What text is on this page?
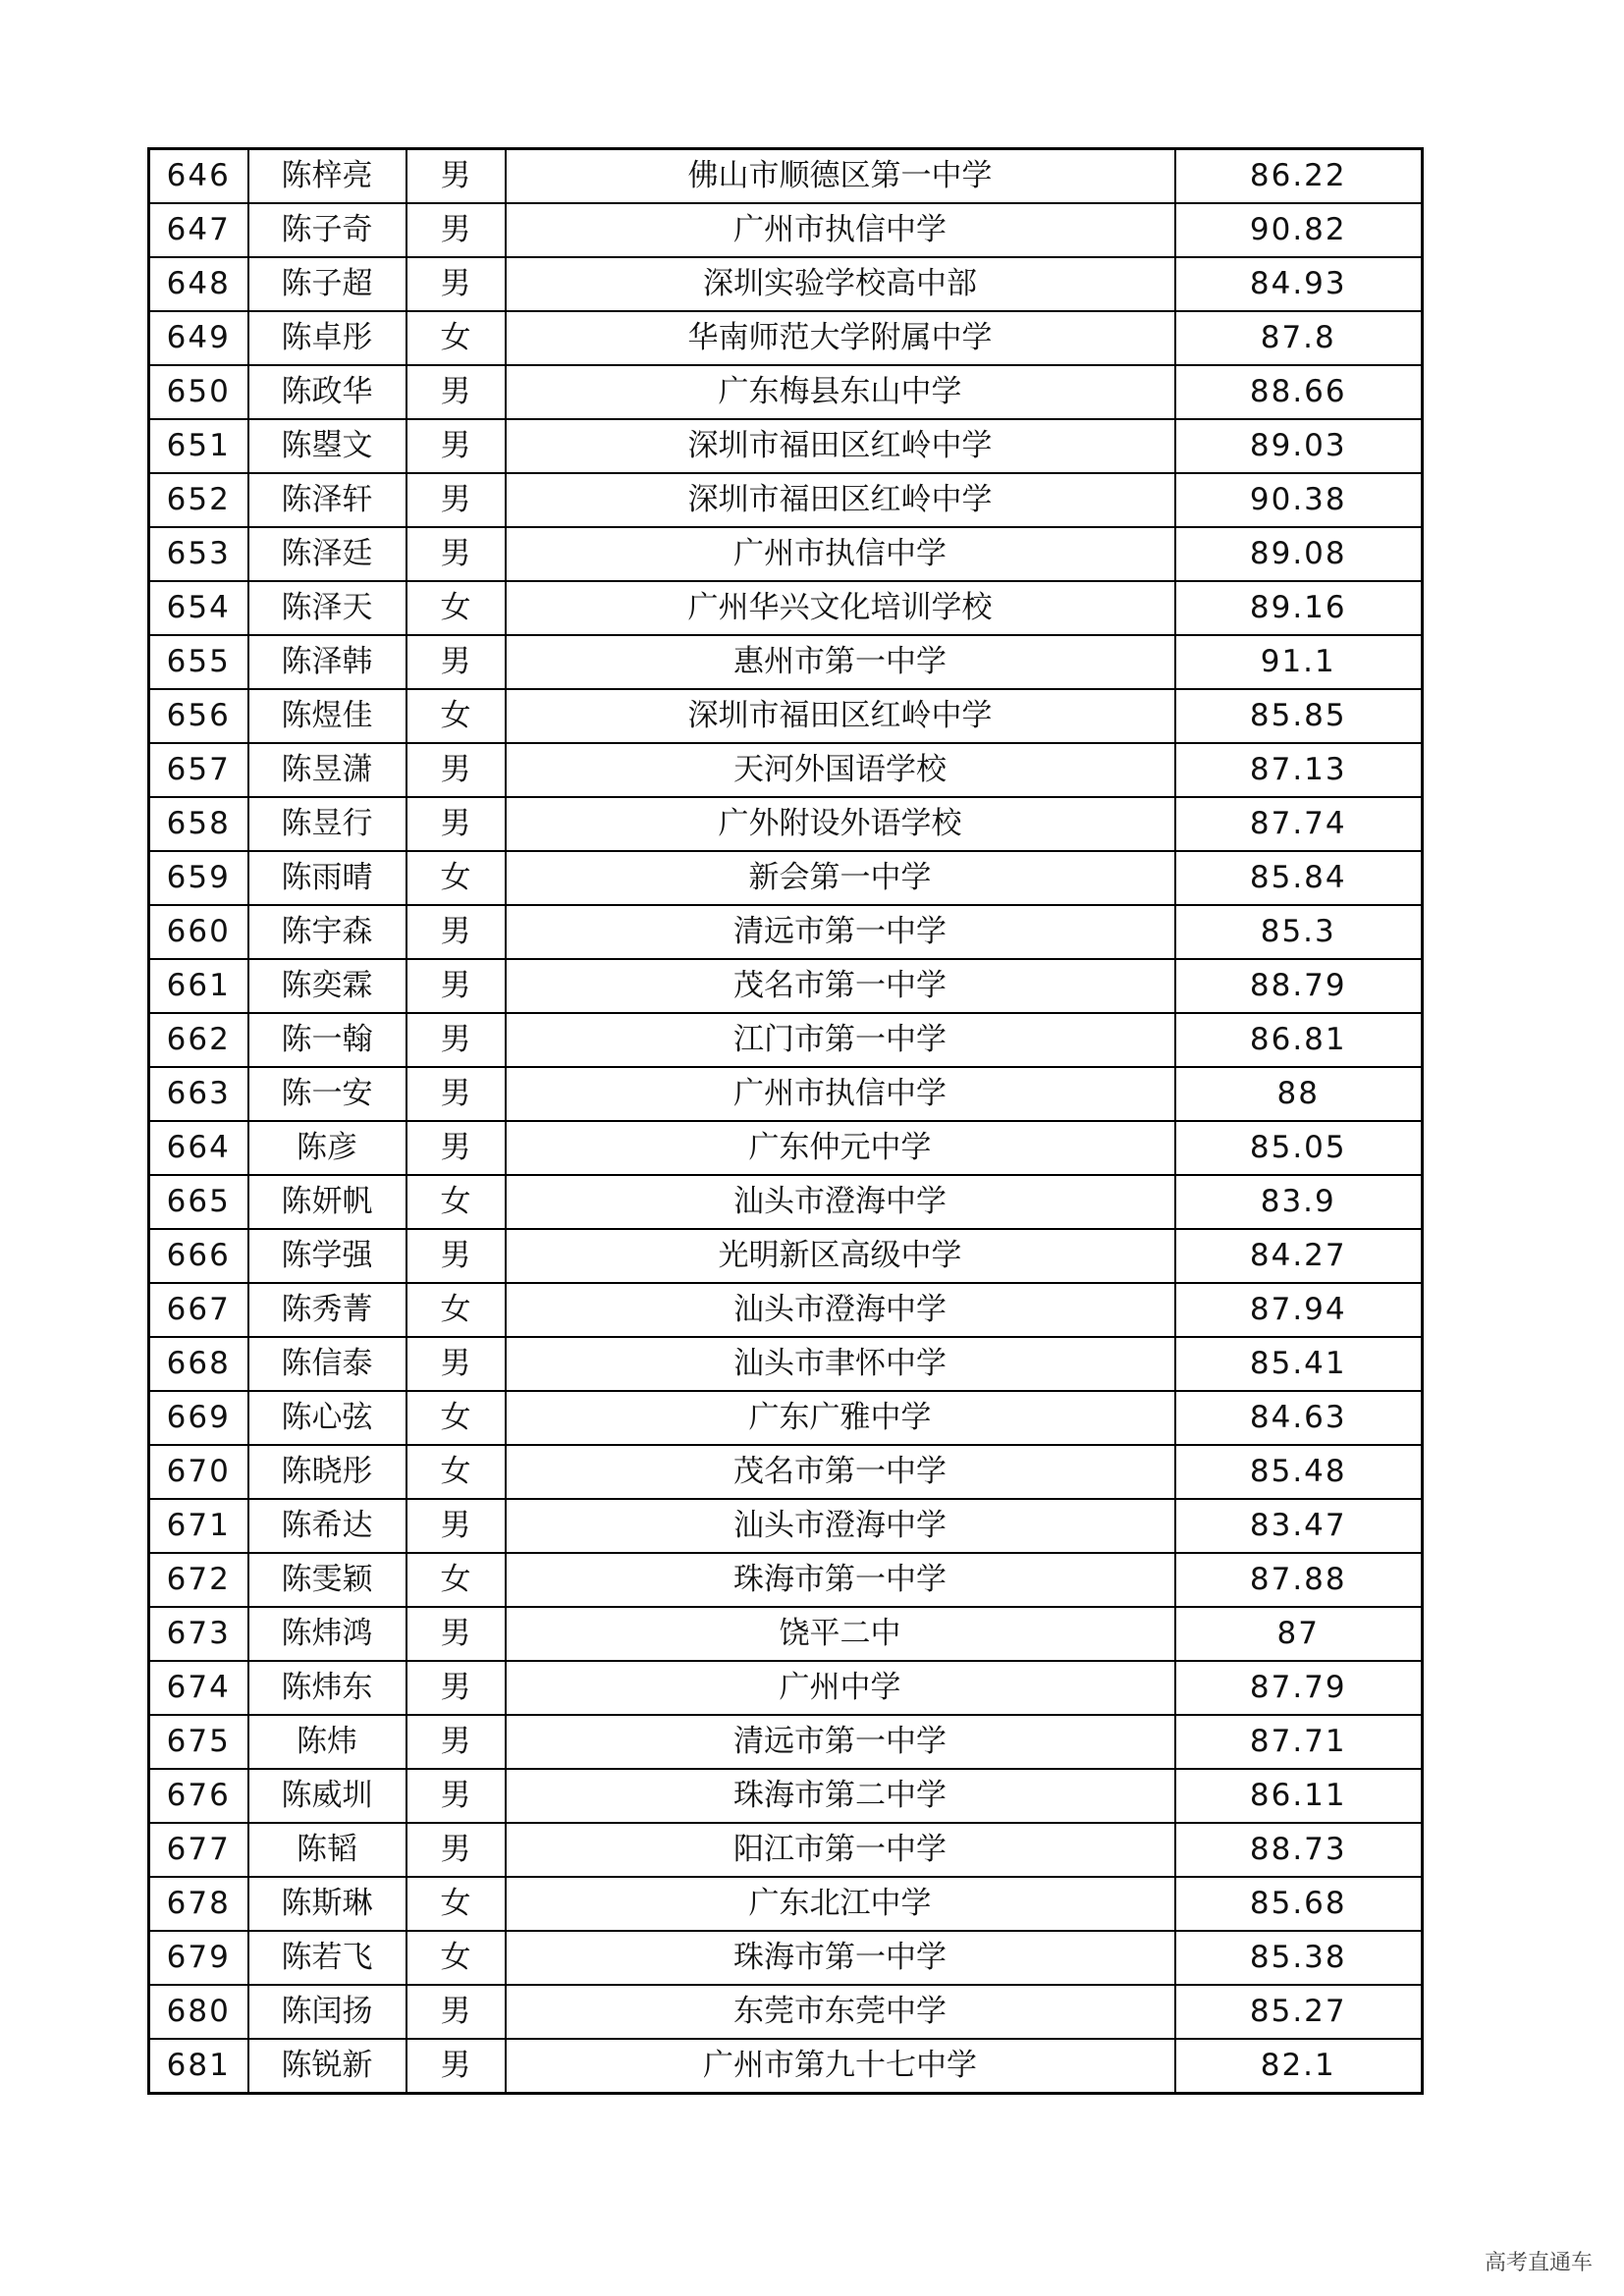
646	陈梓亮	男	佛山市顺德区第一中学	86.22
647	陈子奇	男	广州市执信中学	90.82
648	陈子超	男	深圳实验学校高中部	84.93
649	陈卓彤	女	华南师范大学附属中学	87.8
650	陈政华	男	广东梅县东山中学	88.66
651	陈曌文	男	深圳市福田区红岭中学	89.03
652	陈泽轩	男	深圳市福田区红岭中学	90.38
653	陈泽廷	男	广州市执信中学	89.08
654	陈泽天	女	广州华兴文化培训学校	89.16
655	陈泽韩	男	惠州市第一中学	91.1
656	陈煜佳	女	深圳市福田区红岭中学	85.85
657	陈昱潇	男	天河外国语学校	87.13
658	陈昱行	男	广外附设外语学校	87.74
659	陈雨晴	女	新会第一中学	85.84
660	陈宇森	男	清远市第一中学	85.3
661	陈奕霖	男	茂名市第一中学	88.79
662	陈一翰	男	江门市第一中学	86.81
663	陈一安	男	广州市执信中学	88
664	陈彦	男	广东仲元中学	85.05
665	陈妍帆	女	汕头市澄海中学	83.9
666	陈学强	男	光明新区高级中学	84.27
667	陈秀菁	女	汕头市澄海中学	87.94
668	陈信泰	男	汕头市聿怀中学	85.41
669	陈心弦	女	广东广雅中学	84.63
670	陈晓彤	女	茂名市第一中学	85.48
671	陈希达	男	汕头市澄海中学	83.47
672	陈雯颖	女	珠海市第一中学	87.88
673	陈炜鸿	男	饶平二中	87
674	陈炜东	男	广州中学	87.79
675	陈炜	男	清远市第一中学	87.71
676	陈威圳	男	珠海市第二中学	86.11
677	陈韬	男	阳江市第一中学	88.73
678	陈斯琳	女	广东北江中学	85.68
679	陈若飞	女	珠海市第一中学	85.38
680	陈闰扬	男	东莞市东莞中学	85.27
681	陈锐新	男	广州市第九十七中学	82.1
高考直通车
